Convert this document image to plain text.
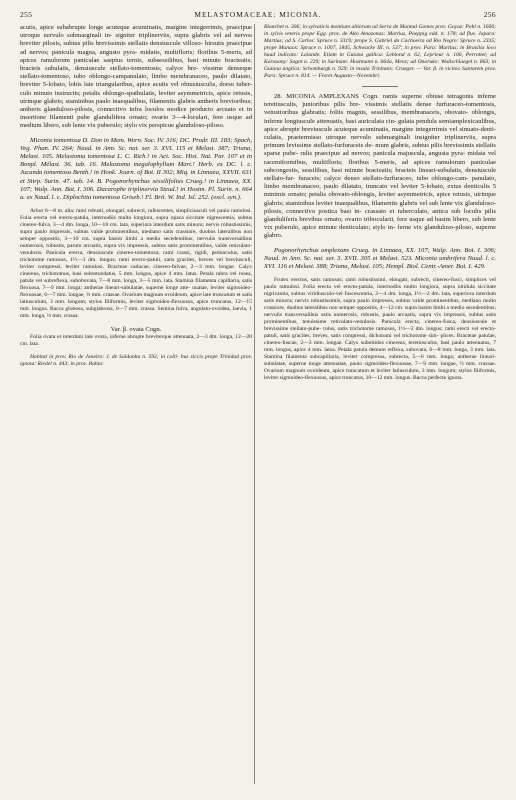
255	MELASTOMACEAE: MICONIA.	256

acutis, apice subabrupte longe acuteque acuminatis, margine integerrimis, praecipue utroque nervulo submarginali in- signiter triplinerviis, supra glabris vel ad nervos breviter pilosis, subtus pilis brevissimis stellatis densiuscule villoso- hirsutis praecipue ad nervos; panicula magna, angusto pyra- midatis, multifloris; floribus 5-meris, ad apices ramulorum paniculae saepius ternis, subsessilibus, basi minute bracteatis; bracteis subulatis, densiuscule stellato-tomentosis; calyce bre- vissime denseque stellato-tomentoso, tubo oblongo-campanulato, limbo membranaceo, paulo dilatato, breviter 5-lobato, lobis late triangularibus, apice acutis vel obtusiusculis, dorso tuber- culo minuto instructis; petalis oblongo-spathulatis, leviter asymmetricis, apice retusis, utrinque glabris; staminibus paulo inaequalibus, filamentis glabris antheris brevioribus; antheris glanduloso-pilosis, connectivo infra loculos modice producto arcuato et in insertione filamenti pube glandulifera ornato; ovario 3—4-loculari, fere usque ad medium libero, sub lente vix puberulo; stylo vix perspicue glanduloso-piloso.

Miconia tomentosa D. Don in Mem. Wern. Soc. IV. 316; DC. Prodr. III. 183; Spach, Veg. Phan. IV. 264; Naud. in Ann. Sc. nat. ser. 3. XVI. 115 et Melast. 387; Triana, Melast. 105. Melastoma tomentosa L. C. Rich.! in Act. Soc. Hist. Nat. Par. 107 et in Bonpl. Mélast. 36. tab. 16. Melastoma megalophyllum Mart.! Herb. ex DC. l. c. Jucunda tomentosa Benth.! in Hook. Journ. of Bot. II 302; Miq. in Linnaea, XXVII. 631 et Stirp. Surin. 47. tab. 14. B. Pogonorhynchus sessilifolius Crueg.! in Linnaea, XX. 107; Walp. Ann. Bot. I. 306. Dacarophe triplinervia Steud.! in Hostm. Pl. Surin. n. 664 a. ex Naud. l. c. Diplochita tomentosa Griseb.! Fl. Brit. W. Ind. Isl. 252. (excl. syn.).

Arbor 6—8 m. alta; rami robusti, elongati, subrecti, rufescentes, simpliciusculi vel paulo ramulosi. Folia erecta vel erecto-patula, internodiis multo longiora, supra opaca siccitate nigrescentia, subtus cinereo-fulva, 3—4 dm. longa, 10—18 cm. lata, superiora interdum satis minora; nervis robustissimis, supra paulo impressis, subtus valde prominentibus, mediano satis crassiore, duobus lateralibus non semper oppositis, 3—10 cm. supra basim limbi a medio secedentibus; nervulis transversalibus numerosis, robustis, parum arcuatis, supra vix impressis, subtus satis prominentibus, valde reticulato-venulosis. Panicula erecta, densiuscule cinereo-tomentosa; rami crassi, rigidi, pedunculus, satis trichotome ramosus, 1½—3 dm. longus; rami erecto-patuli, satis graciles, breves vel breviusculi, leviter compressi, leviter ramulosi. Bracteae caducae, cinereo-fulvae, 2—3 mm. longae. Calyx cinereus, trichotomus, basi subrotundatus, 5 mm. longus, apice 4 mm. latus. Petala rubra vel rosea, patula vel subreflexa, subobovata, 7—8 mm. longa, 3—5 mm. lata. Stamina filamenta capillaria, satis flexuosa, 7—9 mm. longa; antherae lineari-subulatae, superne longe atte- nuatae, leviter sigmoideo-flexuosae, 6—7 mm. longae, ⅔ mm. crassae. Ovarium magnum ovoideum, apice late truncatum et satis latiusculum, 3 mm. longum; stylus filiformis, leviter sigmoideo-flexuosus, apice truncatus, 12—15 mm. longus. Bacca globosa, subglabrosa, 6—7 mm. crassa. Semina fulva, angulato-ovoidea, laevia, 1 mm. longa, ⅔ mm. crassa.

Var. β. ovata Cogn.

Folia ovata et interdum late ovata, inferne abrupte breviterque attenuata, 2—3 dm. longa, 12—20 cm. lata.

Habitat in prov. Rio de Janeiro: J. de Saldanha n. 592; in colli- bus siccis prope Trinidad prov. ignota: Riedel n. 443; in prov. Bahia:

Blanchet n. 306; in sylvaticis montium altiorum ad Serra de Mannul Gomes prov. Goyaz: Pohl n. 1606; in sylvis veteris prope Egg. prov. de Alto Amazonas: Martius, Poeppig edd. n. 178; ad fluv. Japura: Martius; ad S. Carlos: Spruce n. 3319; prope S. Gabriel da Cachoeira ad Rio Negro: Spruce n. 2335; prope Manaos: Spruce n. 1007, 1845, Schwacke III. n. 537; in prov. Para: Martius; in Brasilia loco haud indicato: Lalande. Etiam in Guiana gallica: Leblond n. 62, Leprieur n. 106, Perrottet; ad Karouany: Sagot n. 229; in Surinam: Hostmann n. 664a, Menz; ad Onoruko: Wullschlaegel n. 863; in Guiana anglica: Schomburgk n. 929; in insula Trinitatis: Crueger. — Var. β. in vicinio Santarem prov. Para: Spruce n. 814. — Floret Augusto—Novembri.

28. MICONIA AMPLEXANS Cogn. ramis superne obtuse tetragonis inferne teretiusculis, junioribus pilis bre- vissimis stellatis dense furfuraceo-tomentosis, vetustioribus glabratis; foliis magnis, sessilibus, membranaceis, obovato- oblongis, inferne longiuscule attenuatis, basi auriculata cin- gulata pendula semiamplexicaulibus, apice abrupte breviuscule acuteque acuminatis, margine integerrimis vel sinuato-denti- culatis, praetermisso utroque nervulo submarginali insigniter triplinerviis, supra primum levissime stellato-furfuraceis de- mum glabris, subtus pilis brevissimis stellatis sparse pube- rulis praecipue ad nervos; panicula majuscula, angusta pyra- midata vel racemiformibus, multifloris; floribus 5-meris, ad apices ramulorum paniculae subcongestis, sessilibus, basi minute bracteatis; bracteis lineari-subulatis, densiuscule stellato-fur- furaceis; calyce denso stellato-furfuraceo, tubo oblongo-cam- panulato, limbo membranaceo, paulo dilatato, truncato vel leviter 5-lobato, extus denticulis 5 minimis ornato; petalis obovato-oblongis, leviter asymmetricis, apice retusis, utrinque glabris; staminibus leviter inaequalibus, filamentis glabris vel sub lente vix glanduloso-pilosis, connectivo postica basi in- crassato et tuberculato, antica sub loculis pilis glanduliferis brevibus ornato; ovario tribocularii, fere usque ad basim libero, sub lente vix puberulo, apice minute denticulato; stylo in- ferne vix glanduloso-piloso, superne glabro.

Pogonorhynchus amplexans Crueg. in Linnaea, XX. 107; Walp. Ann. Bot. I. 306; Naud. in Ann. Sc. nat. ser. 3. XVII. 305 et Melast. 523. Miconia umbrifera Naud. l. c. XVI. 116 et Melast. 388; Triana, Melast. 105; Hempl. Biol. Centr.-Amer. Bot. I. 429.

Frutex erectus, satis ramosus; rami robustissimi, elongati, subrecti, cinereo-fusci, simplices vel paulo ramulosi. Folia erecta vel erecto-patula, internodiis multo longiora, supra nitidula siccitate nigricantia, subtus viridiusculo-vel fuscescentia, 3—4 dm. longa, 1½—2 dm. lata, superiora interdum satis minora; nervis robustissimis, supra paulo impressis, subtus valde prominentibus, mediano multo crassiore, duobus lateralibus non semper oppositis, 4—12 cm. supra basim limbi a medio secedentibus; nervulis transversalibus satis numerosis, robustis, paulo arcuatis, supra vix impressis, subtus satis prominentibus, tenuissime reticulato-venulosis. Panicula erecta, cinereo-fusca, densiuscule et brevissime stellato-pube- rulus, satis trichotome ramosus, 1½—2 dm. longus; rami erecti vel erecto- patuli, satis graciles, breves, satis compressi, dichotomi vel trichotome sim- plices. Bracteae patulae, cinereo-fuscae, 2—3 mm. longae. Calyx subnitidus cinereus, teretiusculus, basi paulo attenuatus, 7 mm. longus, apice 4 mm. latus. Petala patula demum reflexa, subovata, 6—8 mm. longa, 3 mm. lata. Stamina filamenta subcapillaria, leviter compressa, subrecta, 5—6 mm. longa; antherae lineari-subulatae, superne longe attenuatae, paulo sigmoideo-flexuosae, 7—9 mm. longae, ⅔ mm. crassae. Ovarium magnum ovoideum, apice truncatum et leviter latiusculum, 3 mm. longum; stylus filiformis, leviter sigmoideo-flexuosus, apice truncatus, 10—12 mm. longus. Bacca perfecte ignota.
